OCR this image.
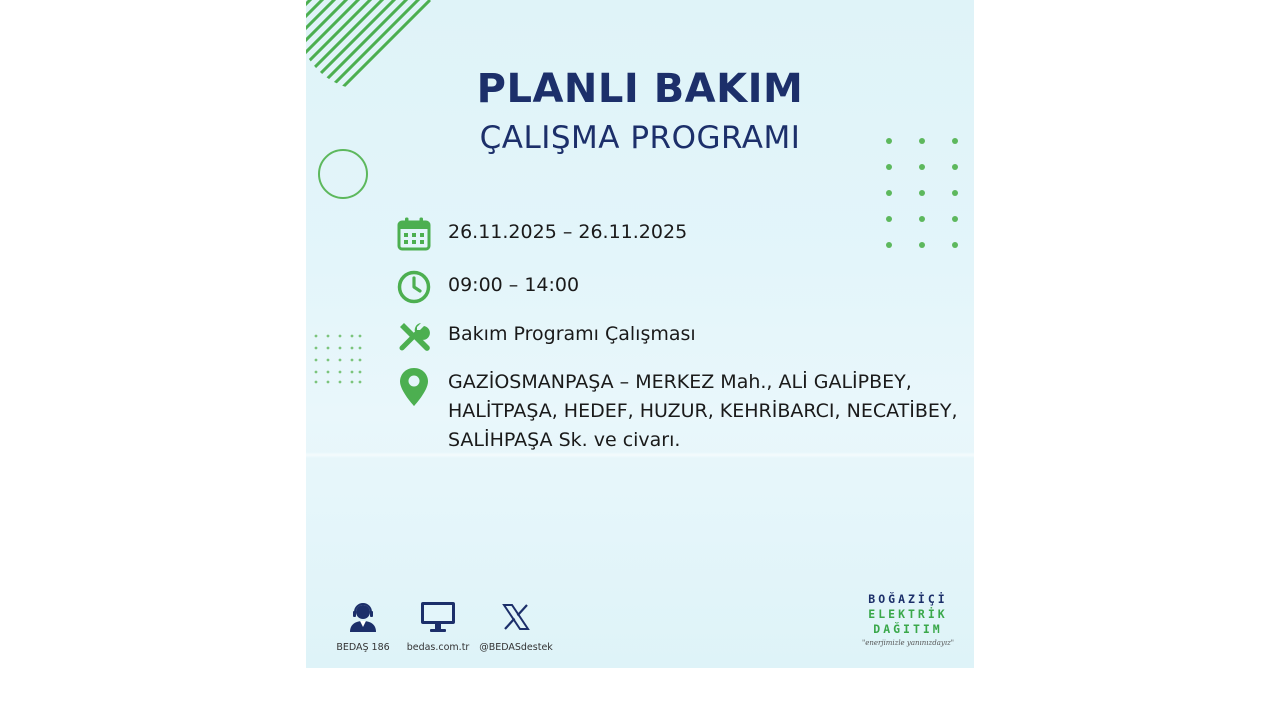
PLANLI BAKIM
ÇALIŞMA PROGRAMI
26.11.2025 – 26.11.2025
09:00 – 14:00
Bakım Programı Çalışması
GAZİOSMANPAŞA – MERKEZ Mah., ALİ GALİPBEY,
HALİTPAŞA, HEDEF, HUZUR, KEHRİBARCI, NECATİBEY,
SALİHPAŞA Sk. ve civarı.
BEDAŞ 186 bedas.com.tr @BEDASdestek
BOĞAZİÇİ
ELEKTRİK
DAĞITIM
"enerjimizle yanınızdayız"
